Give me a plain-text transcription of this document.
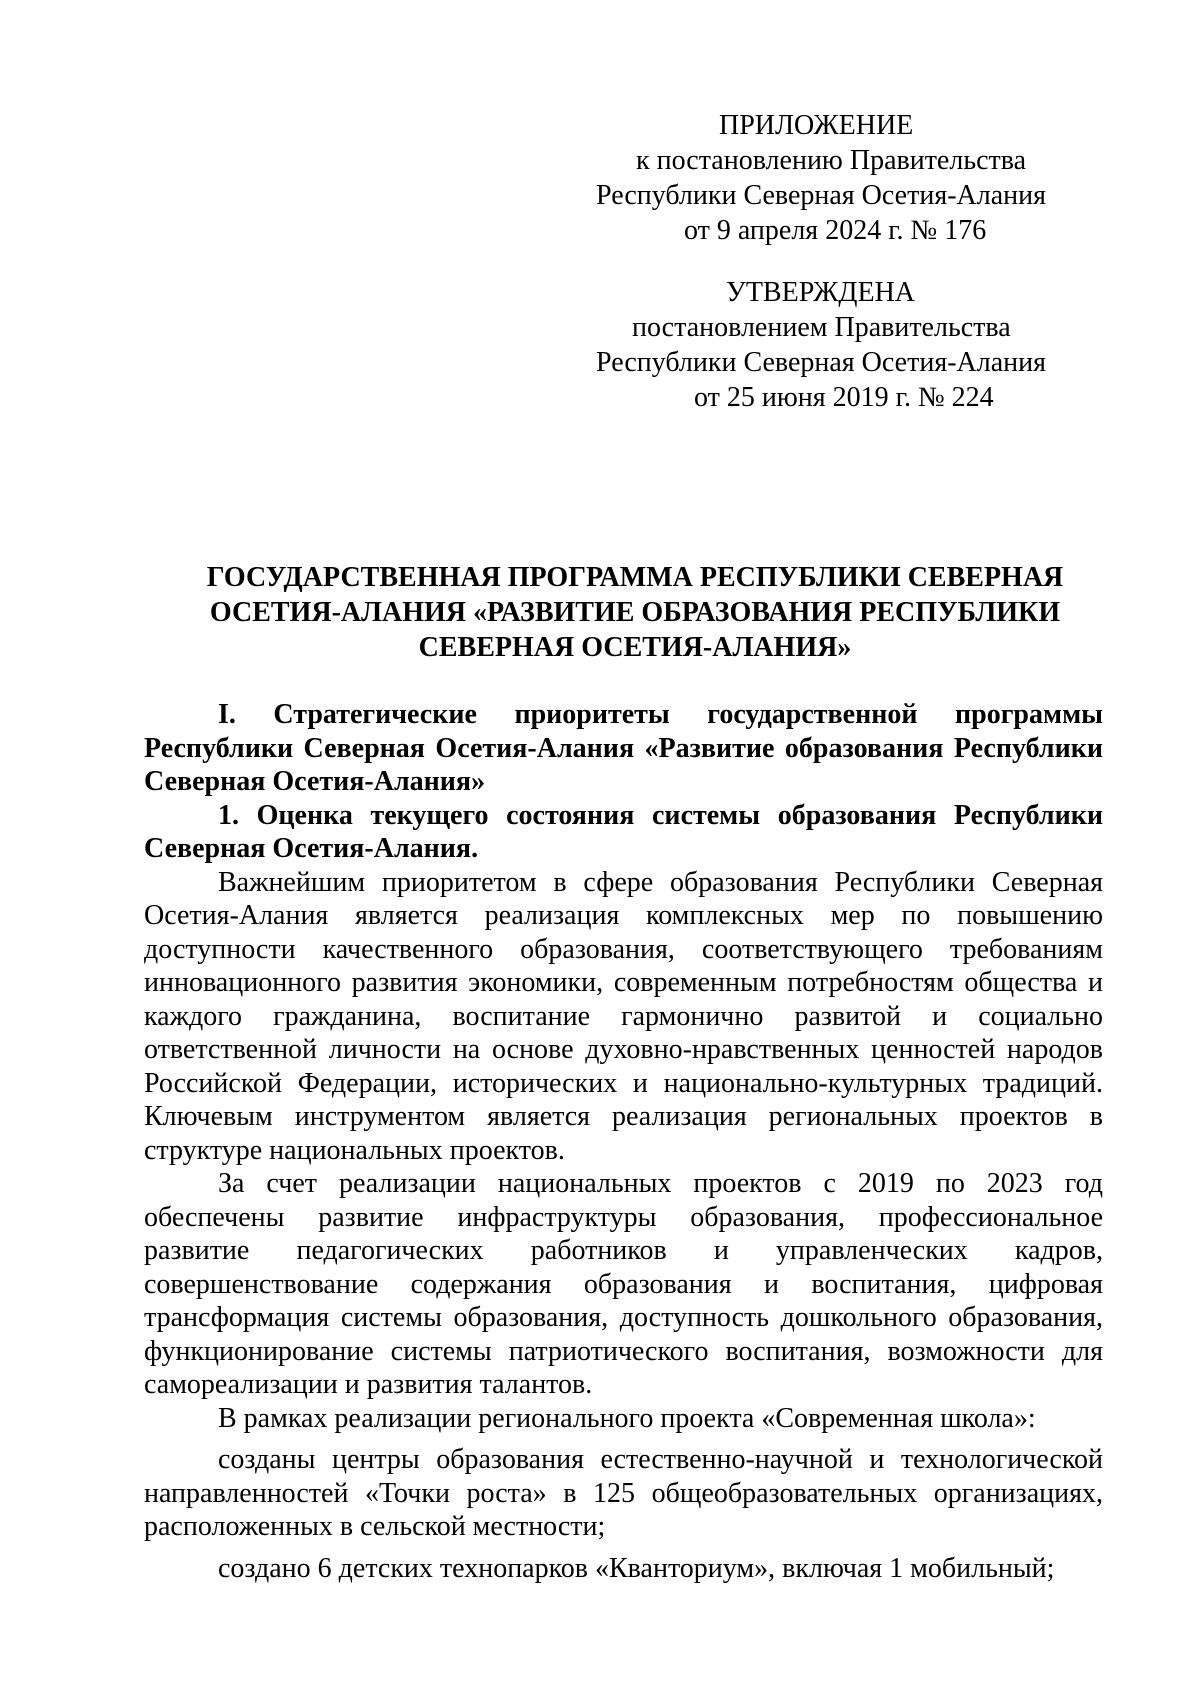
ПРИЛОЖЕНИЕ
к постановлению Правительства
Республики Северная Осетия-Алания
от 9 апреля 2024 г. № 176
УТВЕРЖДЕНА
постановлением Правительства
Республики Северная Осетия-Алания
от 25 июня 2019 г. № 224
ГОСУДАРСТВЕННАЯ ПРОГРАММА РЕСПУБЛИКИ СЕВЕРНАЯ
ОСЕТИЯ-АЛАНИЯ «РАЗВИТИЕ ОБРАЗОВАНИЯ РЕСПУБЛИКИ
СЕВЕРНАЯ ОСЕТИЯ-АЛАНИЯ»

I. Стратегические приоритеты государственной программы Республики Северная Осетия-Алания «Развитие образования Республики Северная Осетия-Алания»

1. Оценка текущего состояния системы образования Республики Северная Осетия-Алания.

Важнейшим приоритетом в сфере образования Республики Северная Осетия-Алания является реализация комплексных мер по повышению доступности качественного образования, соответствующего требованиям инновационного развития экономики, современным потребностям общества и каждого гражданина, воспитание гармонично развитой и социально ответственной личности на основе духовно-нравственных ценностей народов Российской Федерации, исторических и национально-культурных традиций. Ключевым инструментом является реализация региональных проектов в структуре национальных проектов.

За счет реализации национальных проектов с 2019 по 2023 год обеспечены развитие инфраструктуры образования, профессиональное развитие педагогических работников и управленческих кадров, совершенствование содержания образования и воспитания, цифровая трансформация системы образования, доступность дошкольного образования, функционирование системы патриотического воспитания, возможности для самореализации и развития талантов.

В рамках реализации регионального проекта «Современная школа»:

созданы центры образования естественно-научной и технологической направленностей «Точки роста» в 125 общеобразовательных организациях, расположенных в сельской местности;

создано 6 детских технопарков «Кванториум», включая 1 мобильный;
